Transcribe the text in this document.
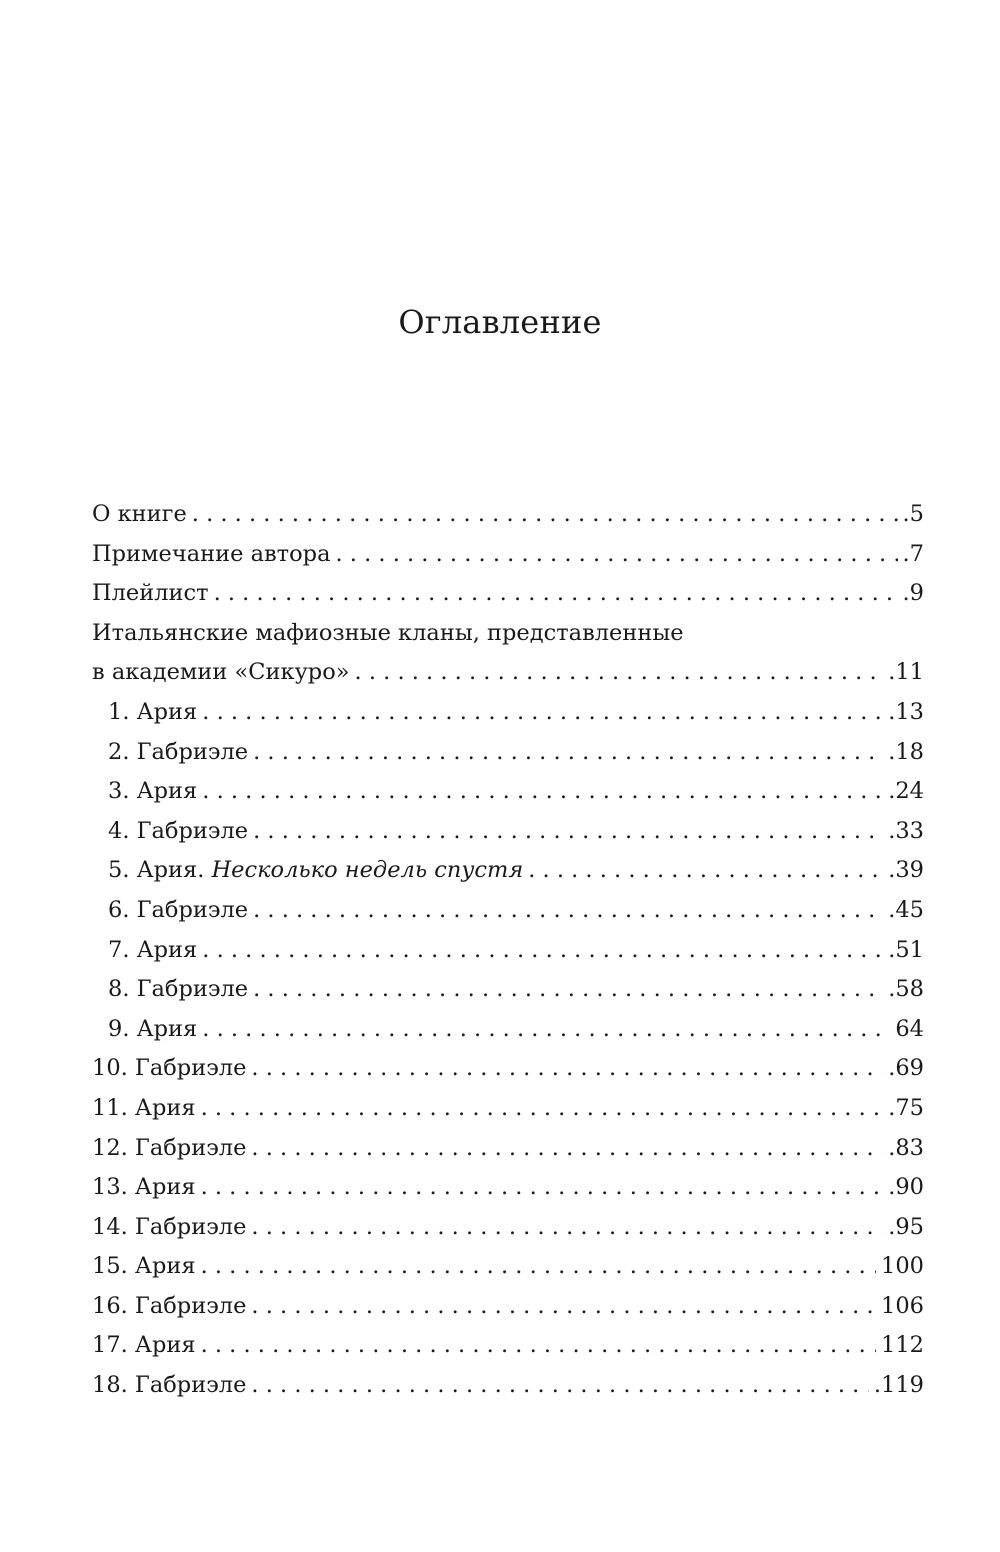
Оглавление
О книге . . .	.5
Примечание автора . . .	.7
Плейлист . . .	.9
Итальянские мафиозные кланы, представленные
в академии «Сикуро» . . .	.11
1. Ария . . .	.13
2. Габриэле . . .	.18
3. Ария . . .	.24
4. Габриэле . . .	.33
5. Ария. Несколько недель спустя . . .	.39
6. Габриэле . . .	.45
7. Ария . . .	.51
8. Габриэле . . .	.58
9. Ария . . .	64
10. Габриэле . . .	.69
11. Ария . . .	.75
12. Габриэле . . .	.83
13. Ария . . .	.90
14. Габриэле . . .	.95
15. Ария . . .	100
16. Габриэле . . .	106
17. Ария . . .	112
18. Габриэле . . .	.119
